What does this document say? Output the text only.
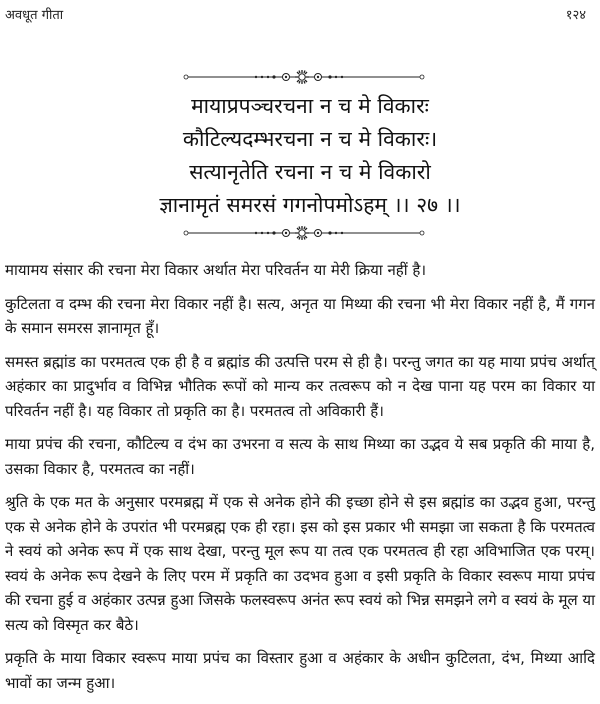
अवधूत गीता	१२४
मायाप्रपञ्चरचना न च मे विकारः
कौटिल्यदम्भरचना न च मे विकारः।
सत्यानृतेति रचना न च मे विकारो
ज्ञानामृतं समरसं गगनोपमोऽहम् ।। २७ ।।

मायामय संसार की रचना मेरा विकार अर्थात मेरा परिवर्तन या मेरी क्रिया नहीं है।

कुटिलता व दम्भ की रचना मेरा विकार नहीं है। सत्य, अनृत या मिथ्या की रचना भी मेरा विकार नहीं है, मैं गगन के समान समरस ज्ञानामृत हूँ।

समस्त ब्रह्मांड का परमतत्व एक ही है व ब्रह्मांड की उत्पत्ति परम से ही है। परन्तु जगत का यह माया प्रपंच अर्थात् अहंकार का प्रादुर्भाव व विभिन्न भौतिक रूपों को मान्य कर तत्वरूप को न देख पाना यह परम का विकार या परिवर्तन नहीं है। यह विकार तो प्रकृति का है। परमतत्व तो अविकारी हैं।

माया प्रपंच की रचना, कौटिल्य व दंभ का उभरना व सत्य के साथ मिथ्या का उद्भव ये सब प्रकृति की माया है, उसका विकार है, परमतत्व का नहीं।

श्रुति के एक मत के अनुसार परमब्रह्म में एक से अनेक होने की इच्छा होने से इस ब्रह्मांड का उद्भव हुआ, परन्तु एक से अनेक होने के उपरांत भी परमब्रह्म एक ही रहा। इस को इस प्रकार भी समझा जा सकता है कि परमतत्व ने स्वयं को अनेक रूप में एक साथ देखा, परन्तु मूल रूप या तत्व एक परमतत्व ही रहा अविभाजित एक परम्। स्वयं के अनेक रूप देखने के लिए परम में प्रकृति का उदभव हुआ व इसी प्रकृति के विकार स्वरूप माया प्रपंच की रचना हुई व अहंकार उत्पन्न हुआ जिसके फलस्वरूप अनंत रूप स्वयं को भिन्न समझने लगे व स्वयं के मूल या सत्य को विस्मृत कर बैठे।

प्रकृति के माया विकार स्वरूप माया प्रपंच का विस्तार हुआ व अहंकार के अधीन कुटिलता, दंभ, मिथ्या आदि भावों का जन्म हुआ।
